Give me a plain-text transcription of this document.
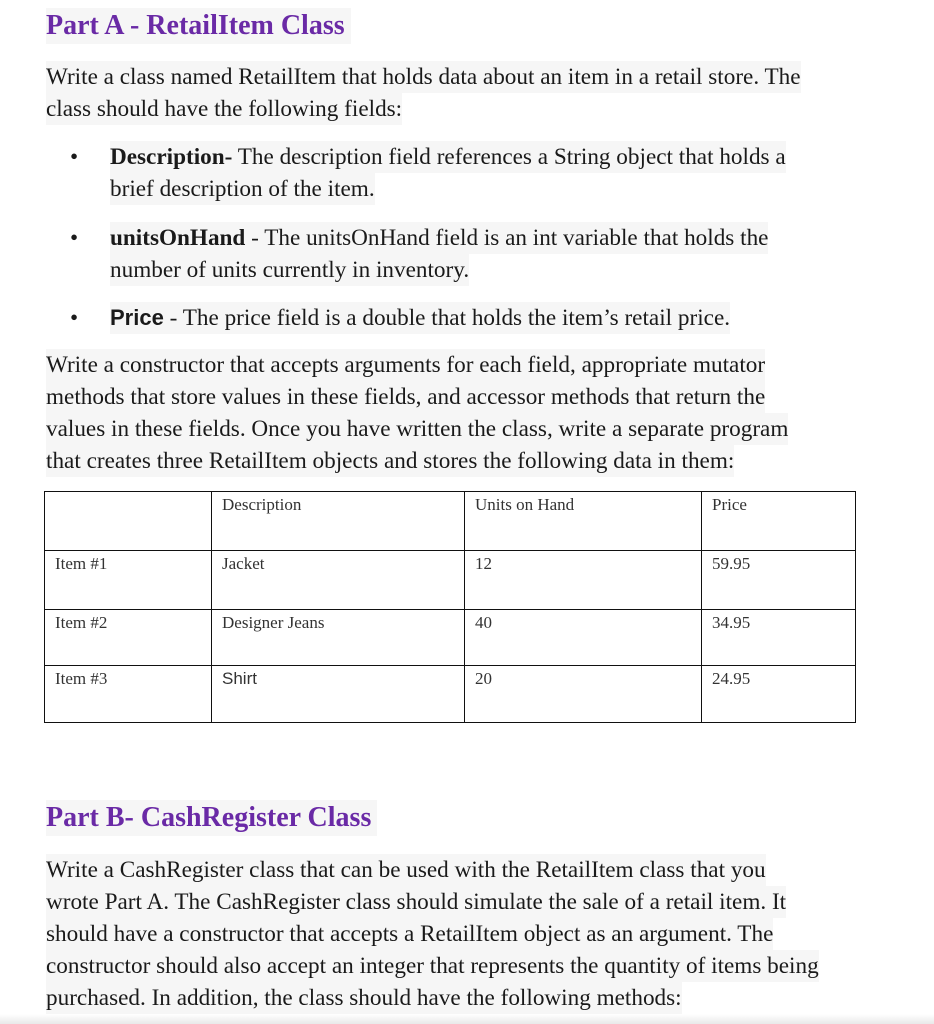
Part A - RetailItem Class
Write a class named RetailItem that holds data about an item in a retail store. The
class should have the following fields:
•	Description- The description field references a String object that holds a
brief description of the item.
•	unitsOnHand - The unitsOnHand field is an int variable that holds the
number of units currently in inventory.
•	Price - The price field is a double that holds the item’s retail price.
Write a constructor that accepts arguments for each field, appropriate mutator
methods that store values in these fields, and accessor methods that return the
values in these fields. Once you have written the class, write a separate program
that creates three RetailItem objects and stores the following data in them:
	Description	Units on Hand	Price
Item #1	Jacket	12	59.95
Item #2	Designer Jeans	40	34.95
Item #3	Shirt	20	24.95
Part B- CashRegister Class
Write a CashRegister class that can be used with the RetailItem class that you
wrote Part A. The CashRegister class should simulate the sale of a retail item. It
should have a constructor that accepts a RetailItem object as an argument. The
constructor should also accept an integer that represents the quantity of items being
purchased. In addition, the class should have the following methods:
